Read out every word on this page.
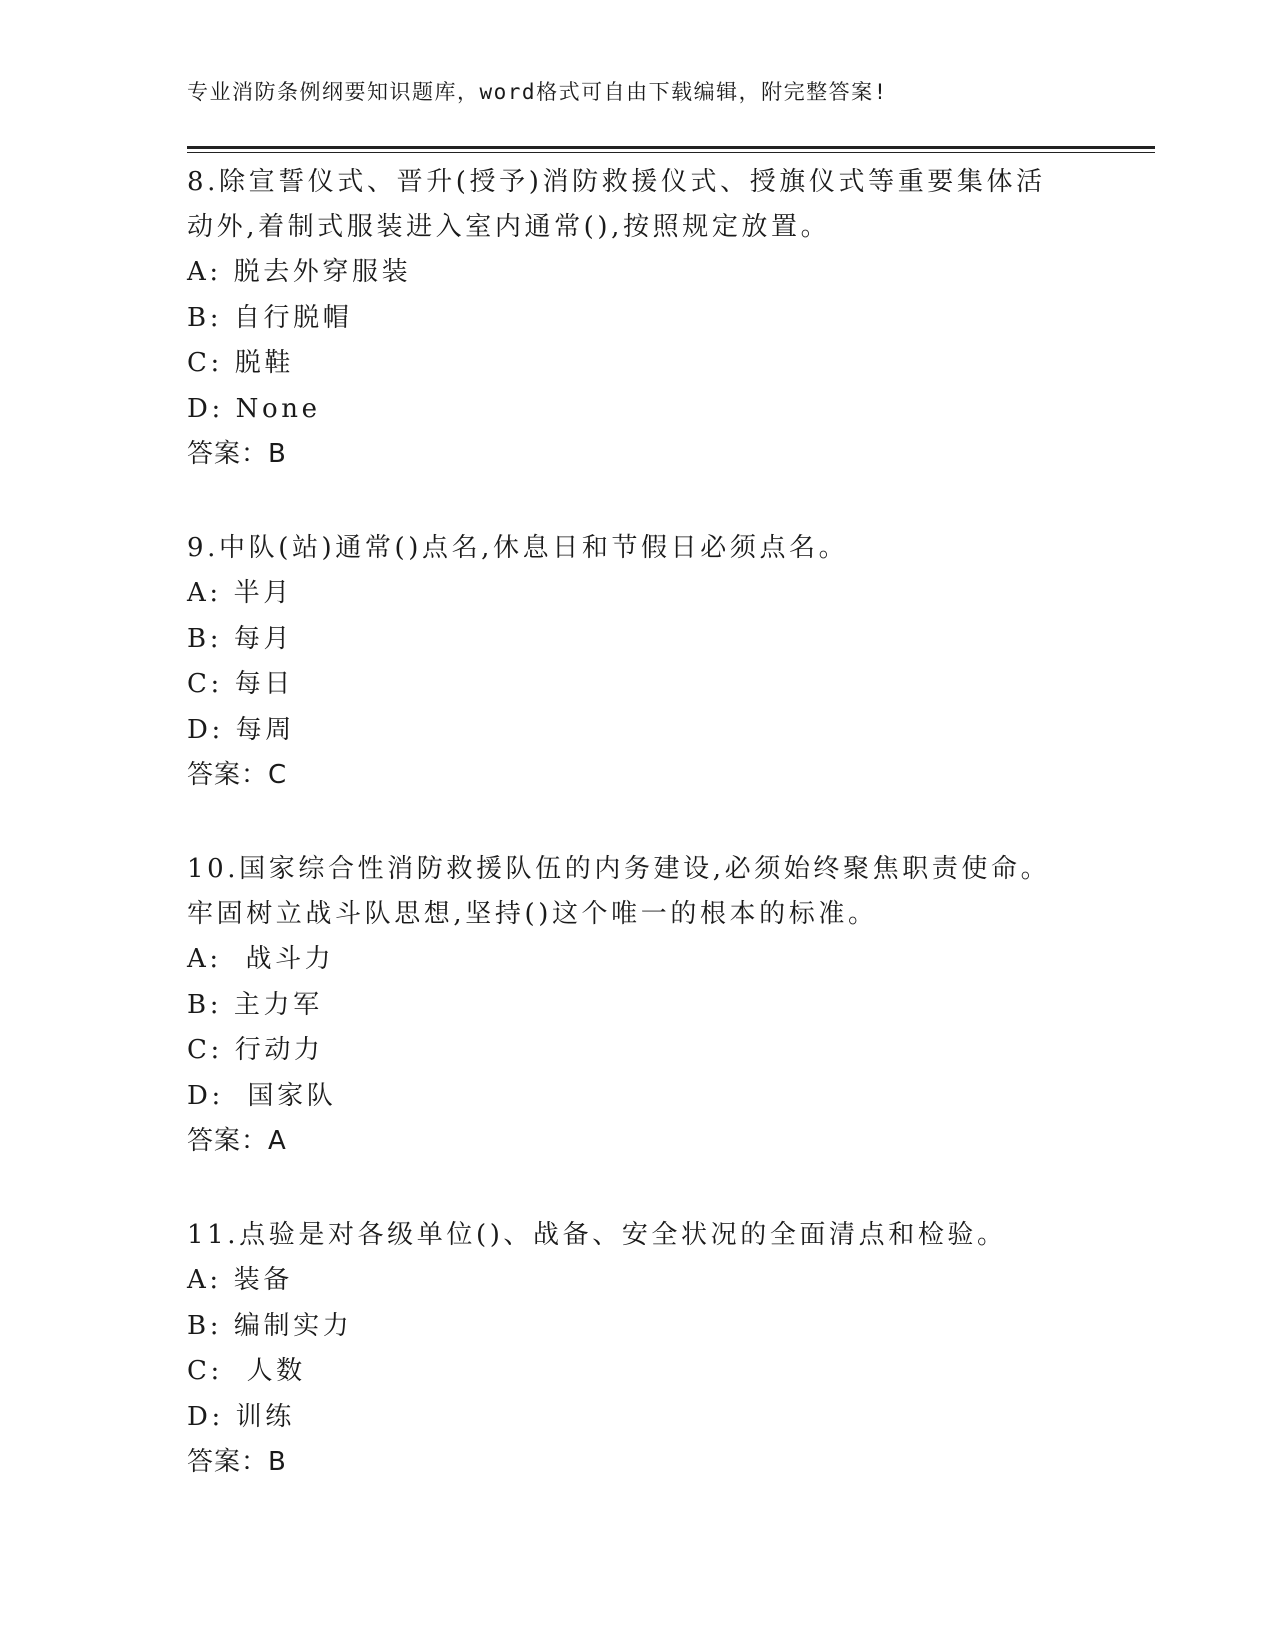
专业消防条例纲要知识题库，word格式可自由下载编辑，附完整答案!

8.除宣誓仪式、晋升(授予)消防救援仪式、授旗仪式等重要集体活动外,着制式服装进入室内通常(),按照规定放置。

A: 脱去外穿服装
B: 自行脱帽
C: 脱鞋
D: None
答案：B

9.中队(站)通常()点名,休息日和节假日必须点名。

A: 半月
B: 每月
C: 每日
D: 每周
答案：C

10.国家综合性消防救援队伍的内务建设,必须始终聚焦职责使命。牢固树立战斗队思想,坚持()这个唯一的根本的标准。

A:  战斗力
B: 主力军
C: 行动力
D:  国家队
答案：A

11.点验是对各级单位()、战备、安全状况的全面清点和检验。

A: 装备
B: 编制实力
C:  人数
D: 训练
答案：B
